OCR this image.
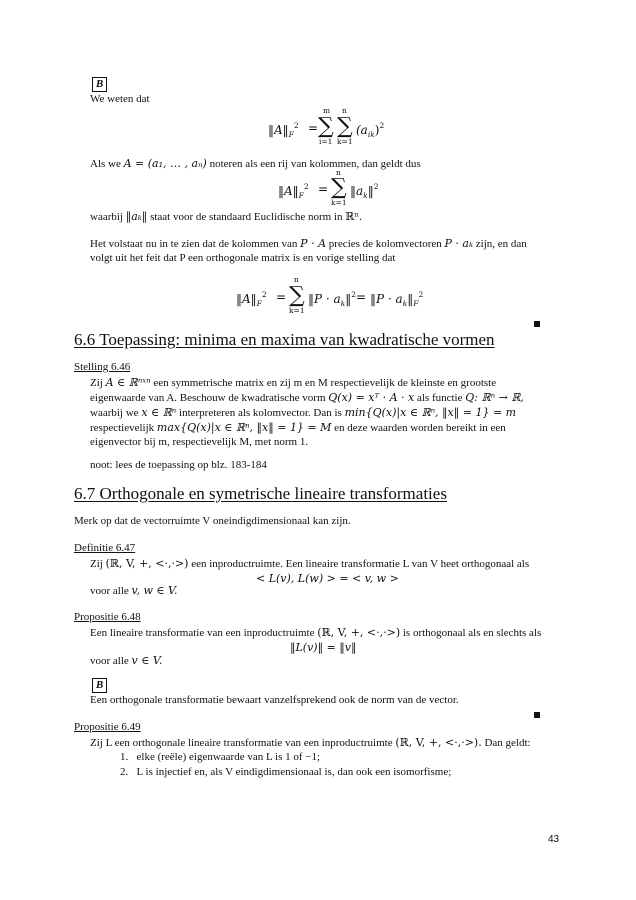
B
We weten dat
$‖A‖_F^2$ =
m
∑
i=1
n
∑
k=1
$(a_{ik})^2$
Als we A = (a₁, … , aₙ) noteren als een rij van kolommen, dan geldt dus
$‖A‖_F^2$ =
n
∑
k=1
$‖a_k‖^2$
waarbij ‖aₖ‖ staat voor de standaard Euclidische norm in ℝⁿ.
Het volstaat nu in te zien dat de kolommen van P · A precies de kolomvectoren P · aₖ zijn, en dan
volgt uit het feit dat P een orthogonale matrix is en vorige stelling dat
$‖A‖_F^2$ =
n
∑
k=1
‖P · $a_k‖^2$ = ‖P · $a_k‖_F^2$
6.6 Toepassing: minima en maxima van kwadratische vormen
Stelling 6.46
Zij A ∈ ℝⁿˣⁿ een symmetrische matrix en zij m en M respectievelijk de kleinste en grootste
eigenwaarde van A. Beschouw de kwadratische vorm Q(x) = xᵀ · A · x als functie Q: ℝⁿ → ℝ,
waarbij we x ∈ ℝⁿ interpreteren als kolomvector. Dan is min{Q(x)|x ∈ ℝⁿ, ‖x‖ = 1} = m
respectievelijk max{Q(x)|x ∈ ℝⁿ, ‖x‖ = 1} = M en deze waarden worden bereikt in een
eigenvector bij m, respectievelijk M, met norm 1.
noot: lees de toepassing op blz. 183-184
6.7 Orthogonale en symetrische lineaire transformaties
Merk op dat de vectorruimte V oneindigdimensionaal kan zijn.
Definitie 6.47
Zij (ℝ, V, +, <·,·>) een inproductruimte. Een lineaire transformatie L van V heet orthogonaal als
< L(v), L(w) > = < v, w >
voor alle v, w ∈ V.
Propositie 6.48
Een lineaire transformatie van een inproductruimte (ℝ, V, +, <·,·>) is orthogonaal als en slechts als
‖L(v)‖ = ‖v‖
voor alle v ∈ V.
B
Een orthogonale transformatie bewaart vanzelfsprekend ook de norm van de vector.
Propositie 6.49
Zij L een orthogonale lineaire transformatie van een inproductruimte (ℝ, V, +, <·,·>). Dan geldt:
1. elke (reële) eigenwaarde van L is 1 of −1;
2. L is injectief en, als V eindigdimensionaal is, dan ook een isomorfisme;
43
